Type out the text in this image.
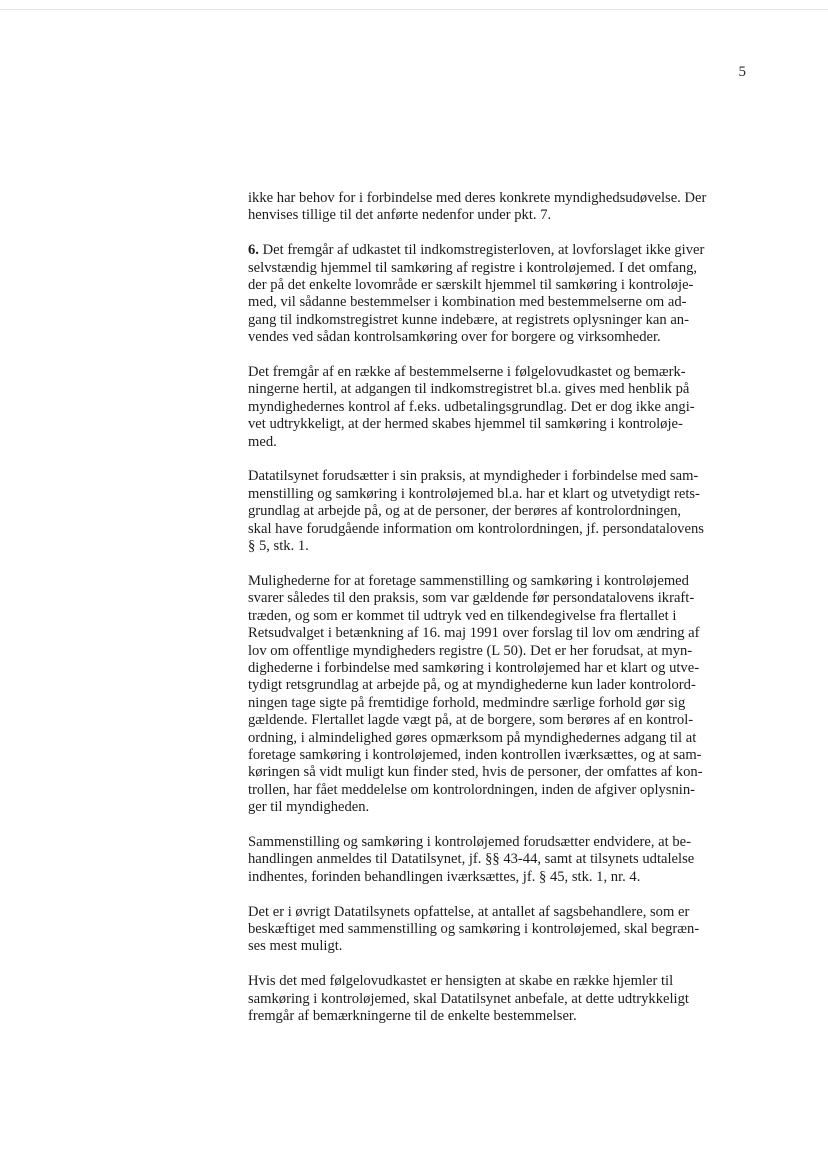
5

ikke har behov for i forbindelse med deres konkrete myndighedsudøvelse. Der
henvises tillige til det anførte nedenfor under pkt. 7.

6. Det fremgår af udkastet til indkomstregisterloven, at lovforslaget ikke giver
selvstændig hjemmel til samkøring af registre i kontroløjemed. I det omfang,
der på det enkelte lovområde er særskilt hjemmel til samkøring i kontroløje-
med, vil sådanne bestemmelser i kombination med bestemmelserne om ad-
gang til indkomstregistret kunne indebære, at registrets oplysninger kan an-
vendes ved sådan kontrolsamkøring over for borgere og virksomheder.

Det fremgår af en række af bestemmelserne i følgelovudkastet og bemærk-
ningerne hertil, at adgangen til indkomstregistret bl.a. gives med henblik på
myndighedernes kontrol af f.eks. udbetalingsgrundlag. Det er dog ikke angi-
vet udtrykkeligt, at der hermed skabes hjemmel til samkøring i kontroløje-
med.

Datatilsynet forudsætter i sin praksis, at myndigheder i forbindelse med sam-
menstilling og samkøring i kontroløjemed bl.a. har et klart og utvetydigt rets-
grundlag at arbejde på, og at de personer, der berøres af kontrolordningen,
skal have forudgående information om kontrolordningen, jf. persondatalovens
§ 5, stk. 1.

Mulighederne for at foretage sammenstilling og samkøring i kontroløjemed
svarer således til den praksis, som var gældende før persondatalovens ikraft-
træden, og som er kommet til udtryk ved en tilkendegivelse fra flertallet i
Retsudvalget i betænkning af 16. maj 1991 over forslag til lov om ændring af
lov om offentlige myndigheders registre (L 50). Det er her forudsat, at myn-
dighederne i forbindelse med samkøring i kontroløjemed har et klart og utve-
tydigt retsgrundlag at arbejde på, og at myndighederne kun lader kontrolord-
ningen tage sigte på fremtidige forhold, medmindre særlige forhold gør sig
gældende. Flertallet lagde vægt på, at de borgere, som berøres af en kontrol-
ordning, i almindelighed gøres opmærksom på myndighedernes adgang til at
foretage samkøring i kontroløjemed, inden kontrollen iværksættes, og at sam-
køringen så vidt muligt kun finder sted, hvis de personer, der omfattes af kon-
trollen, har fået meddelelse om kontrolordningen, inden de afgiver oplysnin-
ger til myndigheden.

Sammenstilling og samkøring i kontroløjemed forudsætter endvidere, at be-
handlingen anmeldes til Datatilsynet, jf. §§ 43-44, samt at tilsynets udtalelse
indhentes, forinden behandlingen iværksættes, jf. § 45, stk. 1, nr. 4.

Det er i øvrigt Datatilsynets opfattelse, at antallet af sagsbehandlere, som er
beskæftiget med sammenstilling og samkøring i kontroløjemed, skal begræn-
ses mest muligt.

Hvis det med følgelovudkastet er hensigten at skabe en række hjemler til
samkøring i kontroløjemed, skal Datatilsynet anbefale, at dette udtrykkeligt
fremgår af bemærkningerne til de enkelte bestemmelser.
